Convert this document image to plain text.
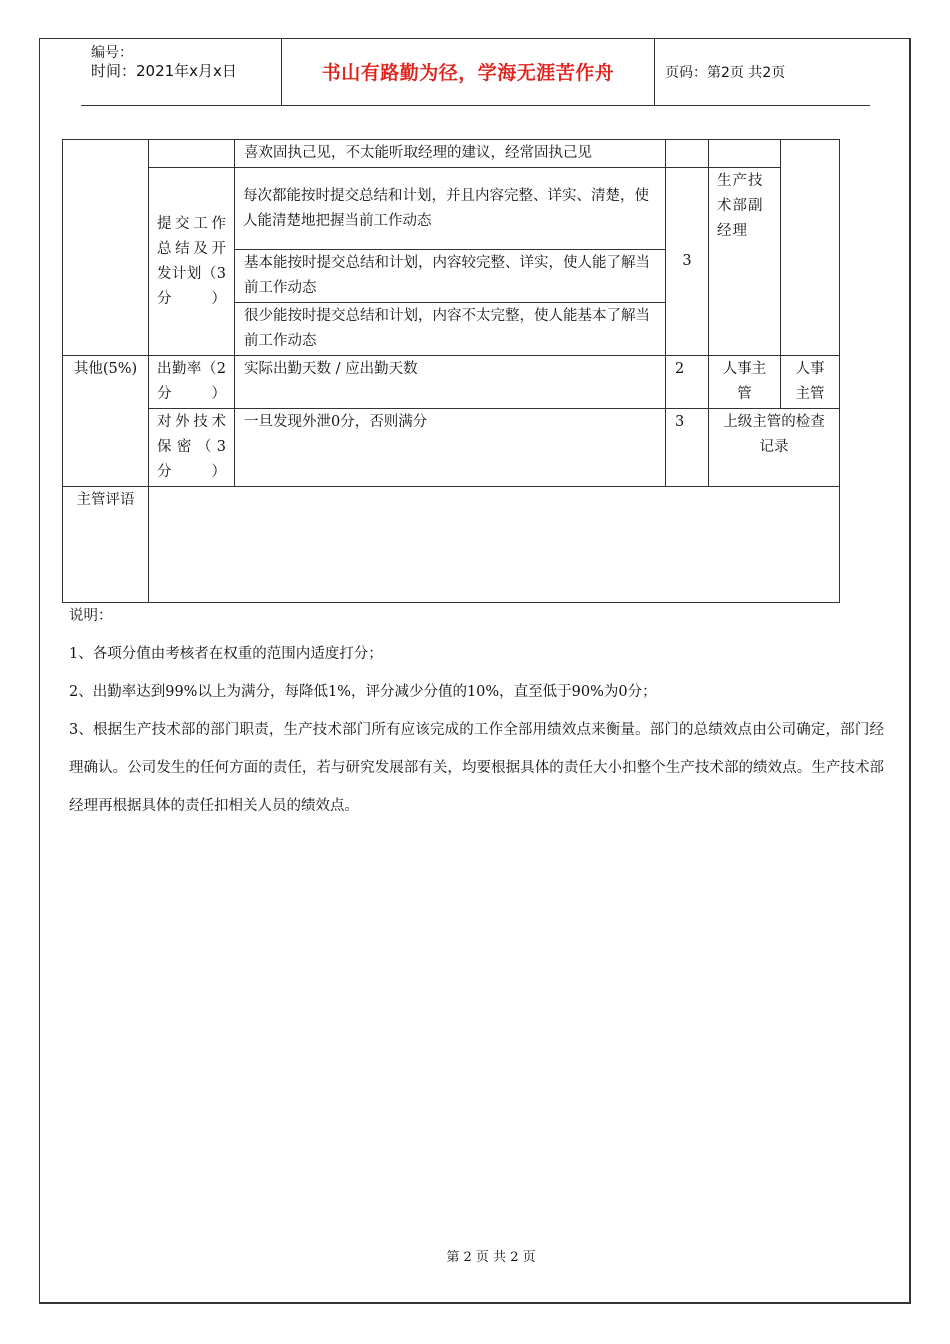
编号：
时间：2021年x月x日	书山有路勤为径，学海无涯苦作舟	页码：第2页 共2页
		喜欢固执己见，不太能听取经理的建议，经常固执己见			
	提交工作总结及开发计划（3分）	每次都能按时提交总结和计划，并且内容完整、详实、清楚，使人能清楚地把握当前工作动态	3	生产技术部副经理	
		基本能按时提交总结和计划，内容较完整、详实，使人能了解当前工作动态			
		很少能按时提交总结和计划，内容不太完整，使人能基本了解当前工作动态			
其他(5%)	出勤率（2分）	实际出勤天数 / 应出勤天数	2	人事主管	人事主管
	对外技术保密（3分）	一旦发现外泄0分，否则满分	3	上级主管的检查记录	
主管评语					

说明：

1、各项分值由考核者在权重的范围内适度打分；

2、出勤率达到99%以上为满分，每降低1%，评分减少分值的10%，直至低于90%为0分；

3、根据生产技术部的部门职责，生产技术部门所有应该完成的工作全部用绩效点来衡量。部门的总绩效点由公司确定，部门经理确认。公司发生的任何方面的责任，若与研究发展部有关，均要根据具体的责任大小扣整个生产技术部的绩效点。生产技术部经理再根据具体的责任扣相关人员的绩效点。

第 2 页 共 2 页
